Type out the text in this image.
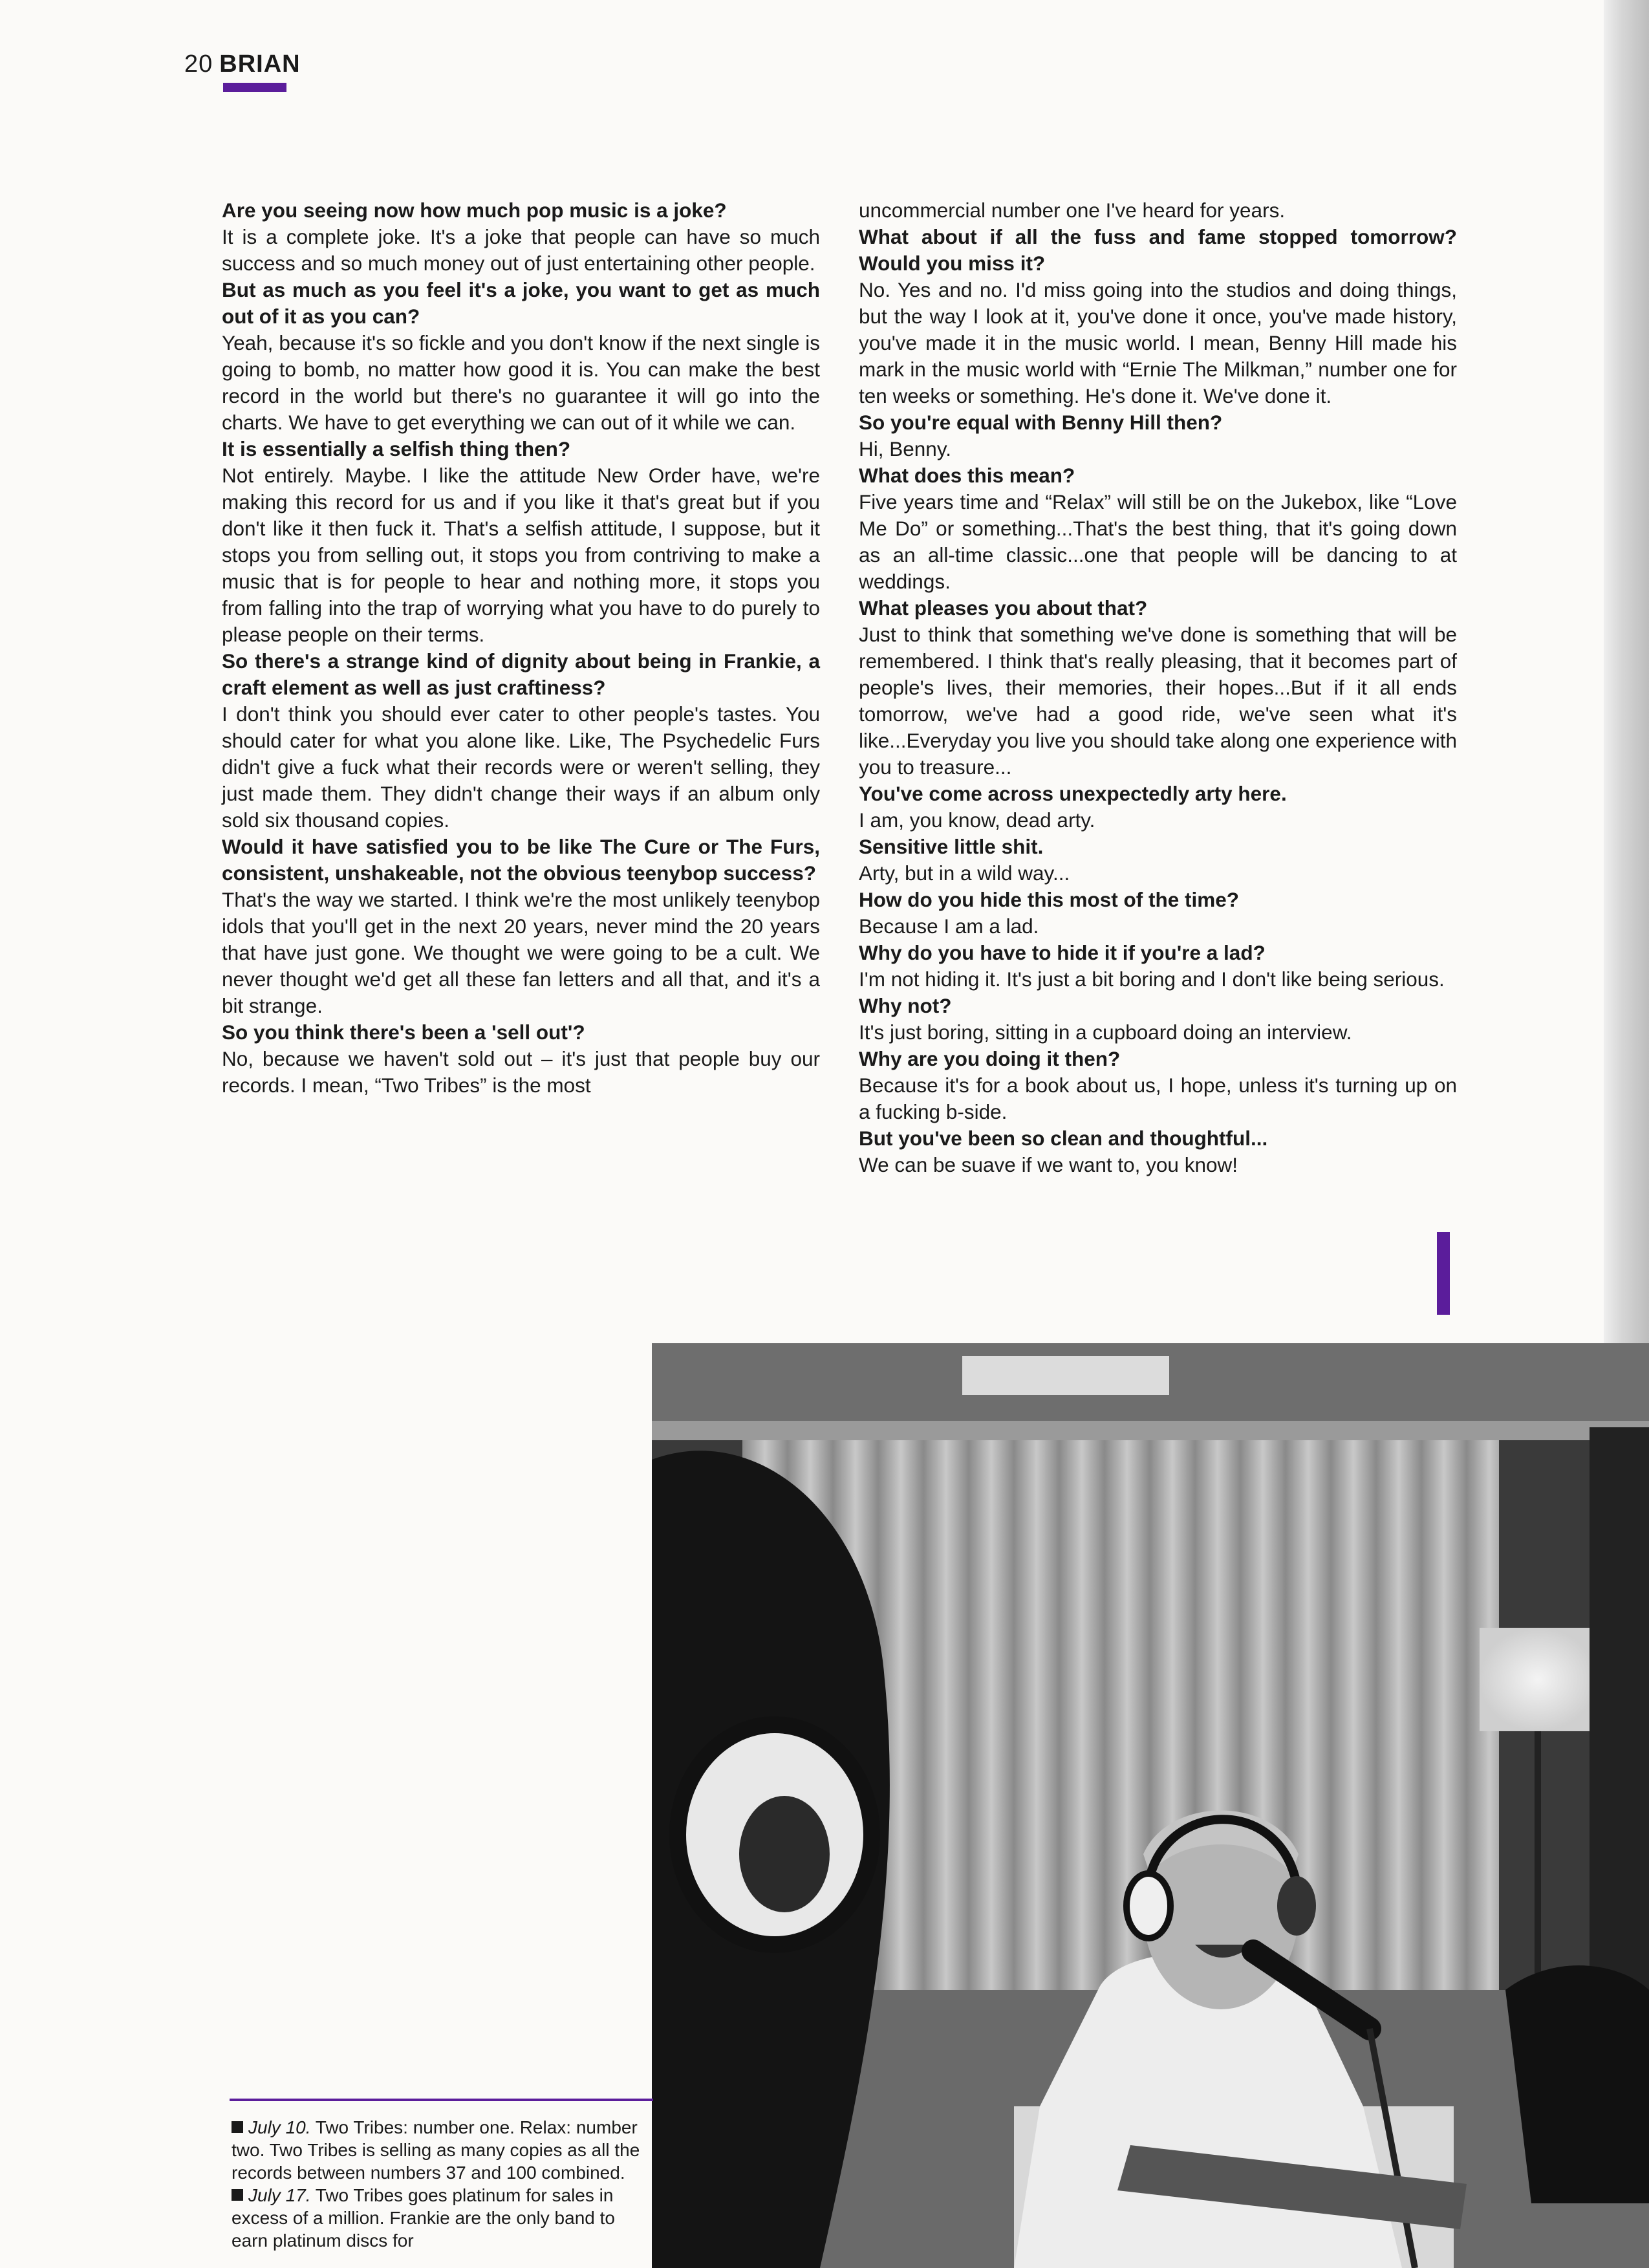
20 BRIAN

Are you seeing now how much pop music is a joke?

It is a complete joke. It's a joke that people can have so much success and so much money out of just entertaining other people.

But as much as you feel it's a joke, you want to get as much out of it as you can?

Yeah, because it's so fickle and you don't know if the next single is going to bomb, no matter how good it is. You can make the best record in the world but there's no guarantee it will go into the charts. We have to get everything we can out of it while we can.

It is essentially a selfish thing then?

Not entirely. Maybe. I like the attitude New Order have, we're making this record for us and if you like it that's great but if you don't like it then fuck it. That's a selfish attitude, I suppose, but it stops you from selling out, it stops you from contriving to make a music that is for people to hear and nothing more, it stops you from falling into the trap of worrying what you have to do purely to please people on their terms.

So there's a strange kind of dignity about being in Frankie, a craft element as well as just craftiness?

I don't think you should ever cater to other people's tastes. You should cater for what you alone like. Like, The Psychedelic Furs didn't give a fuck what their records were or weren't selling, they just made them. They didn't change their ways if an album only sold six thousand copies.

Would it have satisfied you to be like The Cure or The Furs, consistent, unshakeable, not the obvious teenybop success?

That's the way we started. I think we're the most unlikely teenybop idols that you'll get in the next 20 years, never mind the 20 years that have just gone. We thought we were going to be a cult. We never thought we'd get all these fan letters and all that, and it's a bit strange.

So you think there's been a 'sell out'?

No, because we haven't sold out – it's just that people buy our records. I mean, “Two Tribes” is the most

uncommercial number one I've heard for years.

What about if all the fuss and fame stopped tomorrow? Would you miss it?

No. Yes and no. I'd miss going into the studios and doing things, but the way I look at it, you've done it once, you've made history, you've made it in the music world. I mean, Benny Hill made his mark in the music world with “Ernie The Milkman,” number one for ten weeks or something. He's done it. We've done it.

So you're equal with Benny Hill then?

Hi, Benny.

What does this mean?

Five years time and “Relax” will still be on the Jukebox, like “Love Me Do” or something...That's the best thing, that it's going down as an all-time classic...one that people will be dancing to at weddings.

What pleases you about that?

Just to think that something we've done is something that will be remembered. I think that's really pleasing, that it becomes part of people's lives, their memories, their hopes...But if it all ends tomorrow, we've had a good ride, we've seen what it's like...Everyday you live you should take along one experience with you to treasure...

You've come across unexpectedly arty here.

I am, you know, dead arty.

Sensitive little shit.

Arty, but in a wild way...

How do you hide this most of the time?

Because I am a lad.

Why do you have to hide it if you're a lad?

I'm not hiding it. It's just a bit boring and I don't like being serious.

Why not?

It's just boring, sitting in a cupboard doing an interview.

Why are you doing it then?

Because it's for a book about us, I hope, unless it's turning up on a fucking b-side.

But you've been so clean and thoughtful...

We can be suave if we want to, you know!

July 10. Two Tribes: number one. Relax: number two. Two Tribes is selling as many copies as all the records between numbers 37 and 100 combined.

July 17. Two Tribes goes platinum for sales in excess of a million. Frankie are the only band to earn platinum discs for
